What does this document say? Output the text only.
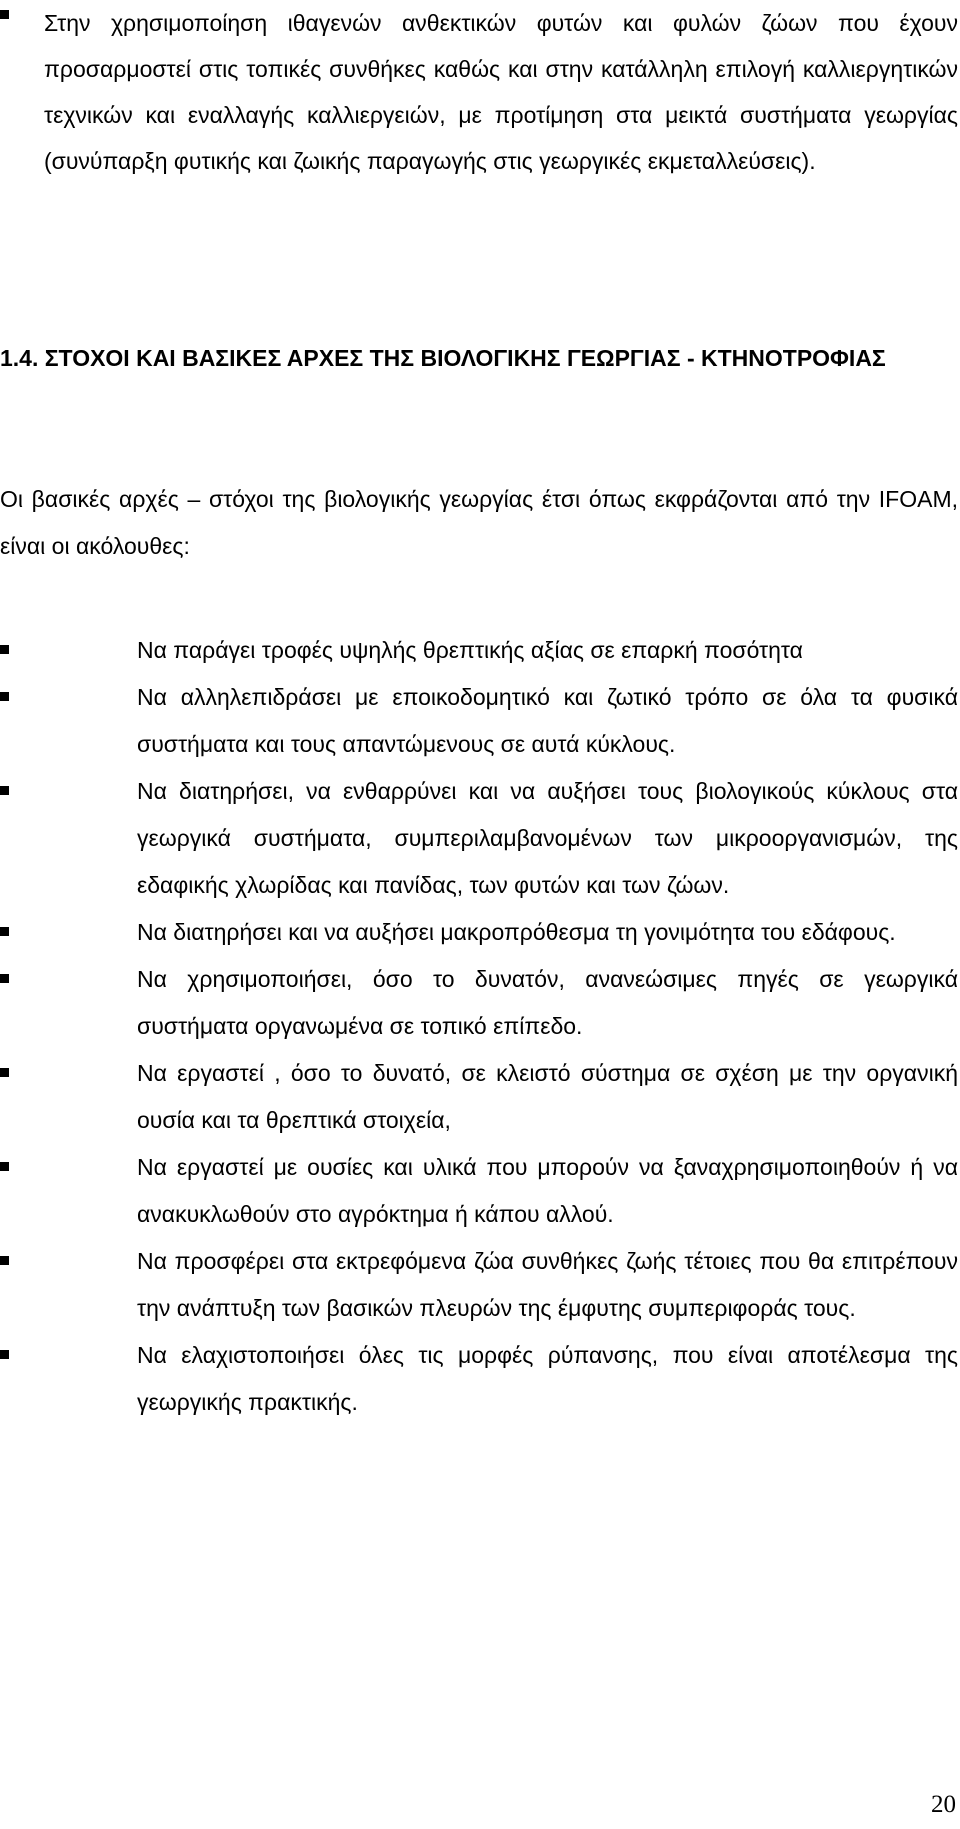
Στην χρησιμοποίηση ιθαγενών ανθεκτικών φυτών και φυλών ζώων που έχουν προσαρμοστεί στις τοπικές συνθήκες καθώς και στην κατάλληλη επιλογή καλλιεργητικών τεχνικών και εναλλαγής καλλιεργειών, με προτίμηση στα μεικτά συστήματα γεωργίας (συνύπαρξη φυτικής και ζωικής παραγωγής στις γεωργικές εκμεταλλεύσεις).

1.4. ΣΤΟΧΟΙ ΚΑΙ ΒΑΣΙΚΕΣ ΑΡΧΕΣ ΤΗΣ ΒΙΟΛΟΓΙΚΗΣ ΓΕΩΡΓΙΑΣ - ΚΤΗΝΟΤΡΟΦΙΑΣ

Οι βασικές αρχές – στόχοι της βιολογικής γεωργίας έτσι όπως εκφράζονται από την IFOAM, είναι οι ακόλουθες:

Να παράγει τροφές υψηλής θρεπτικής αξίας σε επαρκή ποσότητα

Να αλληλεπιδράσει με εποικοδομητικό και ζωτικό τρόπο σε όλα τα φυσικά συστήματα και τους απαντώμενους σε αυτά κύκλους.

Να διατηρήσει, να ενθαρρύνει και να αυξήσει τους βιολογικούς κύκλους στα γεωργικά συστήματα, συμπεριλαμβανομένων των μικροοργανισμών, της εδαφικής χλωρίδας και πανίδας, των φυτών και των ζώων.

Να διατηρήσει και να αυξήσει μακροπρόθεσμα τη γονιμότητα του εδάφους.

Να χρησιμοποιήσει, όσο το δυνατόν, ανανεώσιμες πηγές σε γεωργικά συστήματα οργανωμένα σε τοπικό επίπεδο.

Να εργαστεί , όσο το δυνατό, σε κλειστό σύστημα σε σχέση με την οργανική ουσία και τα θρεπτικά στοιχεία,

Να εργαστεί με ουσίες και υλικά που μπορούν να ξαναχρησιμοποιηθούν ή να ανακυκλωθούν στο αγρόκτημα ή κάπου αλλού.

Να προσφέρει στα εκτρεφόμενα ζώα συνθήκες ζωής τέτοιες που θα επιτρέπουν την ανάπτυξη των βασικών πλευρών της έμφυτης συμπεριφοράς τους.

Να ελαχιστοποιήσει όλες τις μορφές ρύπανσης, που είναι αποτέλεσμα της γεωργικής πρακτικής.

20
